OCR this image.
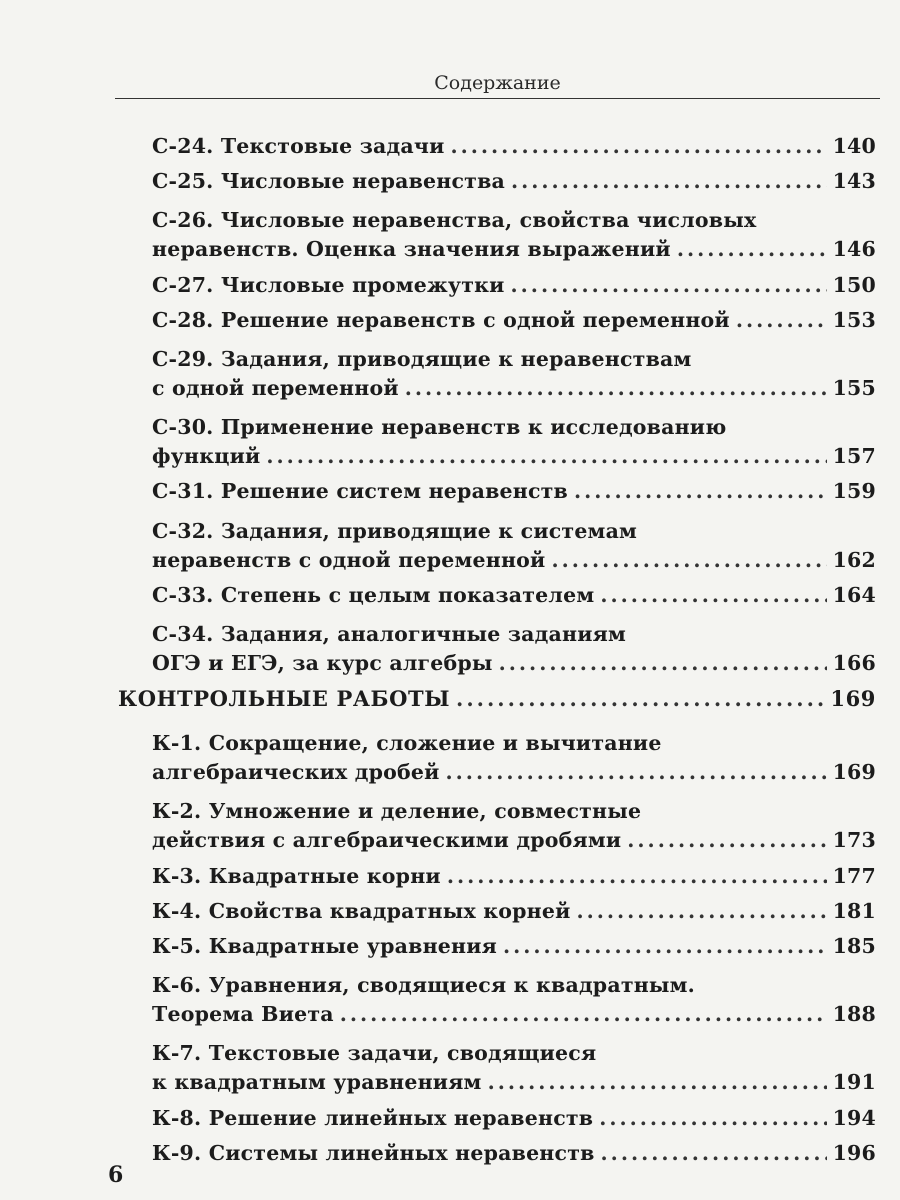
Содержание
С-24. Текстовые задачи .....	140
С-25. Числовые неравенства .....	143
С-26. Числовые неравенства, свойства числовых
неравенств. Оценка значения выражений .....	146
С-27. Числовые промежутки .....	150
С-28. Решение неравенств с одной переменной .....	153
С-29. Задания, приводящие к неравенствам
с одной переменной .....	155
С-30. Применение неравенств к исследованию
функций .....	157
С-31. Решение систем неравенств .....	159
С-32. Задания, приводящие к системам
неравенств с одной переменной .....	162
С-33. Степень с целым показателем .....	164
С-34. Задания, аналогичные заданиям
ОГЭ и ЕГЭ, за курс алгебры .....	166
КОНТРОЛЬНЫЕ РАБОТЫ .....	169
К-1. Сокращение, сложение и вычитание
алгебраических дробей .....	169
К-2. Умножение и деление, совместные
действия с алгебраическими дробями .....	173
К-3. Квадратные корни .....	177
К-4. Свойства квадратных корней .....	181
К-5. Квадратные уравнения .....	185
К-6. Уравнения, сводящиеся к квадратным.
Теорема Виета .....	188
К-7. Текстовые задачи, сводящиеся
к квадратным уравнениям .....	191
К-8. Решение линейных неравенств .....	194
К-9. Системы линейных неравенств .....	196
6
